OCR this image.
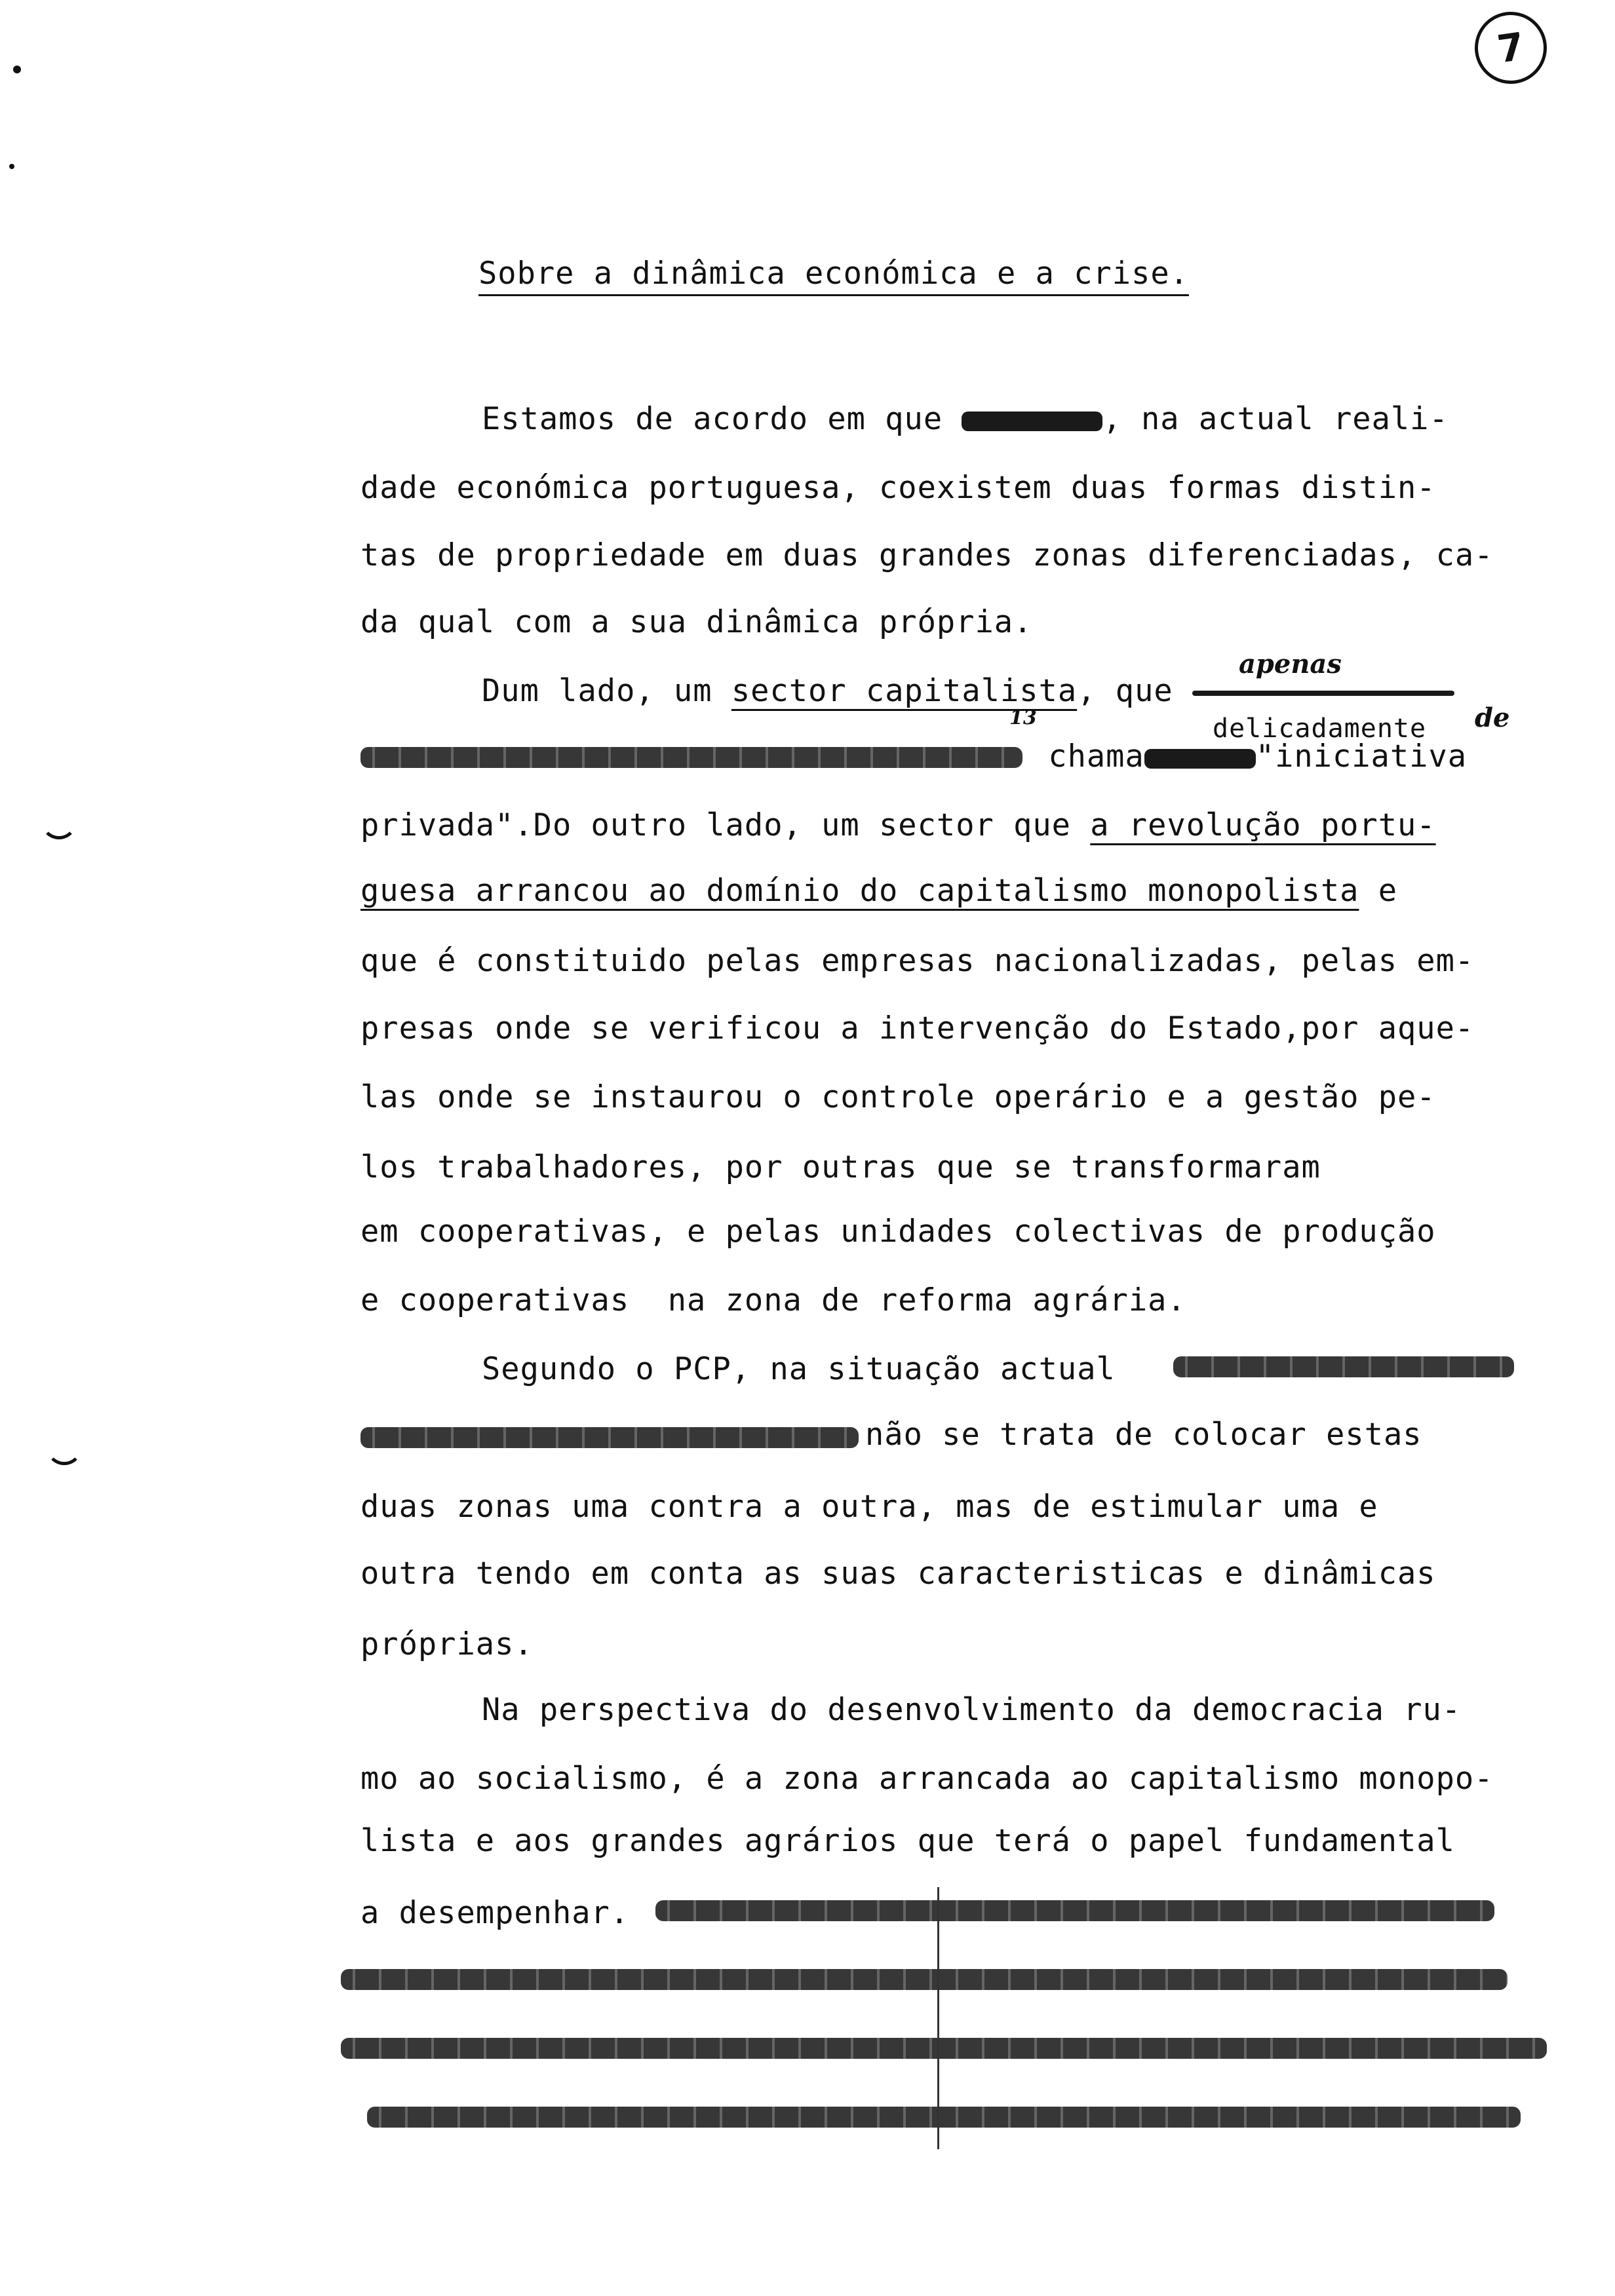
7
Sobre a dinâmica económica e a crise.
Estamos de acordo em que	, na actual reali-
dade económica portuguesa, coexistem duas formas distin-
tas de propriedade em duas grandes zonas diferenciadas, ca-
da qual com a sua dinâmica própria.
apenas
Dum lado, um sector capitalista, que
13	delicadamente de
chama	"iniciativa
privada".Do outro lado, um sector que a revolução portu-
guesa arrancou ao domínio do capitalismo monopolista e
que é constituido pelas empresas nacionalizadas, pelas em-
presas onde se verificou a intervenção do Estado,por aque-
las onde se instaurou o controle operário e a gestão pe-
los trabalhadores, por outras que se transformaram
em cooperativas, e pelas unidades colectivas de produção
e cooperativas  na zona de reforma agrária.
Segundo o PCP, na situação actual
não se trata de colocar estas
duas zonas uma contra a outra, mas de estimular uma e
outra tendo em conta as suas caracteristicas e dinâmicas
próprias.
Na perspectiva do desenvolvimento da democracia ru-
mo ao socialismo, é a zona arrancada ao capitalismo monopo-
lista e aos grandes agrários que terá o papel fundamental
a desempenhar.
